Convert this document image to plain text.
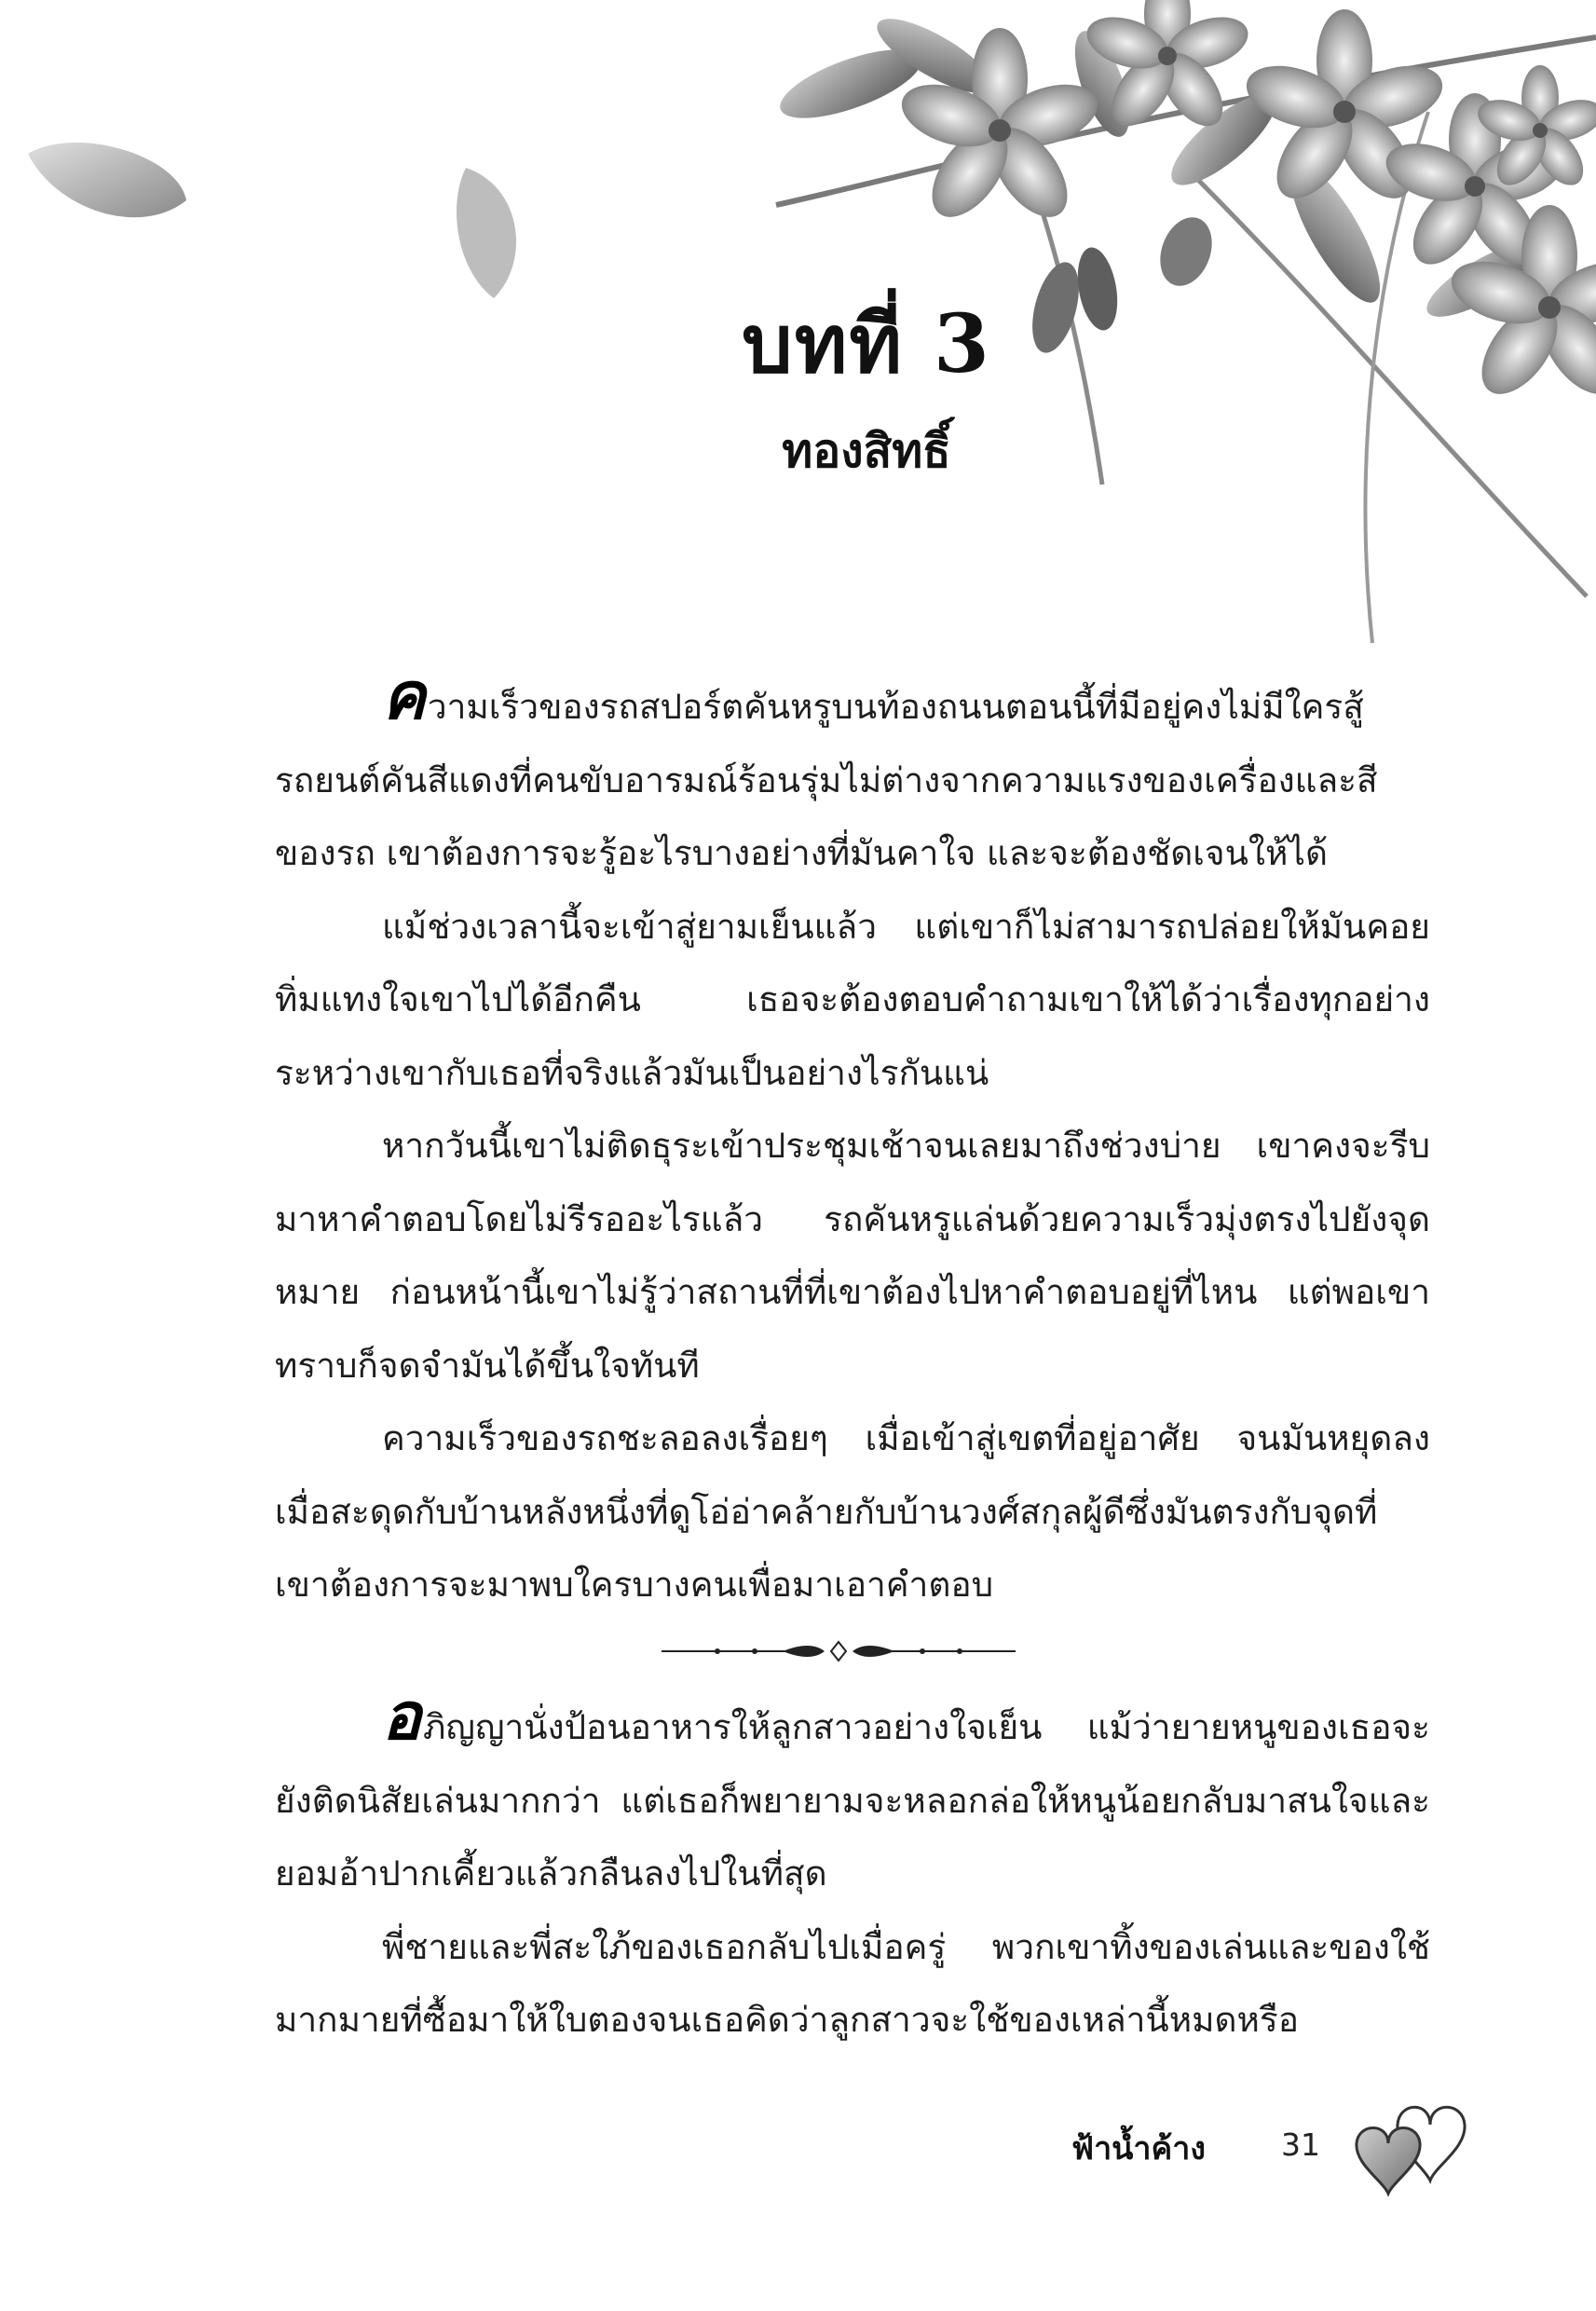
บทที่ 3
ทองสิทธิ์

ความเร็วของรถสปอร์ตคันหรูบนท้องถนนตอนนี้ที่มีอยู่คงไม่มีใครสู้รถยนต์คันสีแดงที่คนขับอารมณ์ร้อนรุ่มไม่ต่างจากความแรงของเครื่องและสีของรถ เขาต้องการจะรู้อะไรบางอย่างที่มันคาใจ และจะต้องชัดเจนให้ได้

แม้ช่วงเวลานี้จะเข้าสู่ยามเย็นแล้ว แต่เขาก็ไม่สามารถปล่อยให้มันคอยทิ่มแทงใจเขาไปได้อีกคืน เธอจะต้องตอบคำถามเขาให้ได้ว่าเรื่องทุกอย่างระหว่างเขากับเธอที่จริงแล้วมันเป็นอย่างไรกันแน่

หากวันนี้เขาไม่ติดธุระเข้าประชุมเช้าจนเลยมาถึงช่วงบ่าย เขาคงจะรีบมาหาคำตอบโดยไม่รีรออะไรแล้ว รถคันหรูแล่นด้วยความเร็วมุ่งตรงไปยังจุดหมาย ก่อนหน้านี้เขาไม่รู้ว่าสถานที่ที่เขาต้องไปหาคำตอบอยู่ที่ไหน แต่พอเขาทราบก็จดจำมันได้ขึ้นใจทันที

ความเร็วของรถชะลอลงเรื่อยๆ เมื่อเข้าสู่เขตที่อยู่อาศัย จนมันหยุดลงเมื่อสะดุดกับบ้านหลังหนึ่งที่ดูโอ่อ่าคล้ายกับบ้านวงศ์สกุลผู้ดีซึ่งมันตรงกับจุดที่เขาต้องการจะมาพบใครบางคนเพื่อมาเอาคำตอบ

อภิญญานั่งป้อนอาหารให้ลูกสาวอย่างใจเย็น แม้ว่ายายหนูของเธอจะยังติดนิสัยเล่นมากกว่า แต่เธอก็พยายามจะหลอกล่อให้หนูน้อยกลับมาสนใจและยอมอ้าปากเคี้ยวแล้วกลืนลงไปในที่สุด

พี่ชายและพี่สะใภ้ของเธอกลับไปเมื่อครู่ พวกเขาทิ้งของเล่นและของใช้มากมายที่ซื้อมาให้ใบตองจนเธอคิดว่าลูกสาวจะใช้ของเหล่านี้หมดหรือ

ฟ้าน้ำค้าง 31
